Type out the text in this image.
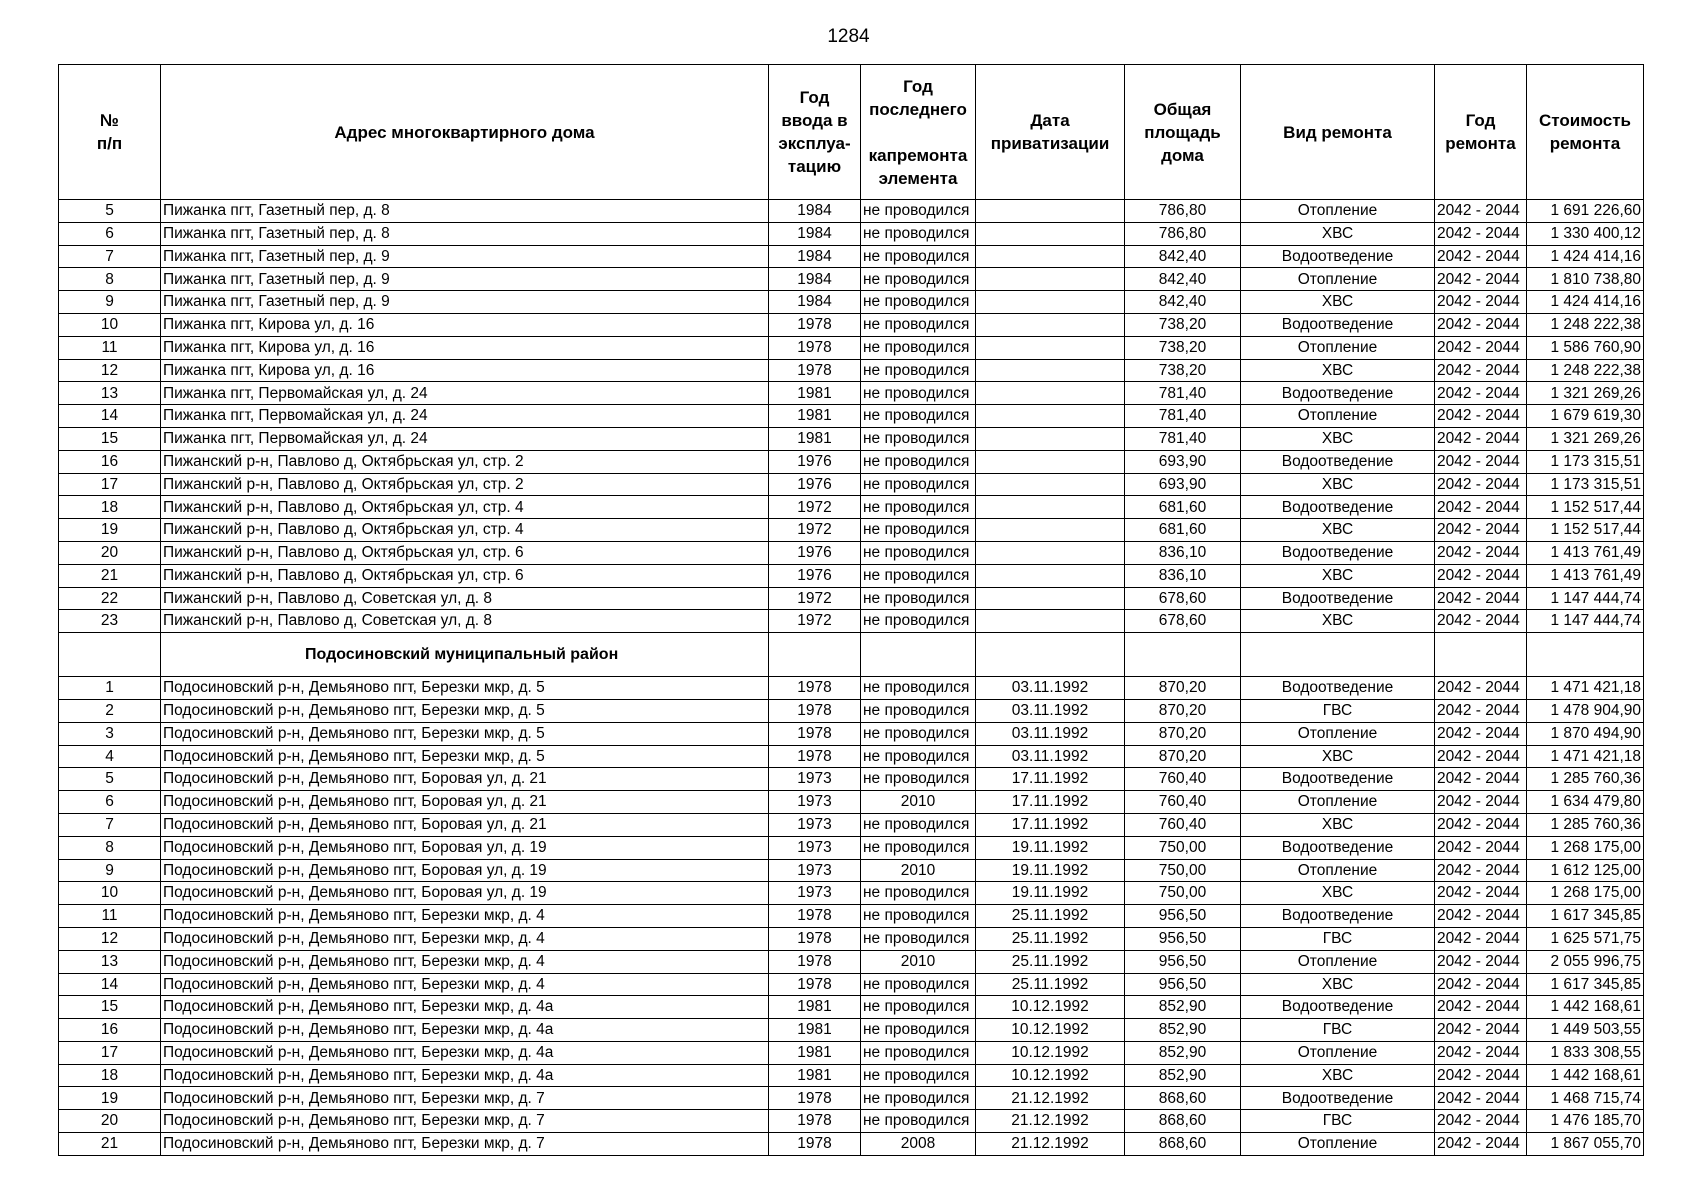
1284
№
п/п	Адрес многоквартирного дома	Год
ввода в
эксплуа-
тацию	Год
последнего

капремонта
элемента	Дата
приватизации	Общая
площадь
дома	Вид ремонта	Год
ремонта	Стоимость
ремонта
5	Пижанка пгт, Газетный пер, д. 8	1984	не проводился		786,80	Отопление	2042 - 2044	1 691 226,60
6	Пижанка пгт, Газетный пер, д. 8	1984	не проводился		786,80	ХВС	2042 - 2044	1 330 400,12
7	Пижанка пгт, Газетный пер, д. 9	1984	не проводился		842,40	Водоотведение	2042 - 2044	1 424 414,16
8	Пижанка пгт, Газетный пер, д. 9	1984	не проводился		842,40	Отопление	2042 - 2044	1 810 738,80
9	Пижанка пгт, Газетный пер, д. 9	1984	не проводился		842,40	ХВС	2042 - 2044	1 424 414,16
10	Пижанка пгт, Кирова ул, д. 16	1978	не проводился		738,20	Водоотведение	2042 - 2044	1 248 222,38
11	Пижанка пгт, Кирова ул, д. 16	1978	не проводился		738,20	Отопление	2042 - 2044	1 586 760,90
12	Пижанка пгт, Кирова ул, д. 16	1978	не проводился		738,20	ХВС	2042 - 2044	1 248 222,38
13	Пижанка пгт, Первомайская ул, д. 24	1981	не проводился		781,40	Водоотведение	2042 - 2044	1 321 269,26
14	Пижанка пгт, Первомайская ул, д. 24	1981	не проводился		781,40	Отопление	2042 - 2044	1 679 619,30
15	Пижанка пгт, Первомайская ул, д. 24	1981	не проводился		781,40	ХВС	2042 - 2044	1 321 269,26
16	Пижанский р-н, Павлово д, Октябрьская ул, стр. 2	1976	не проводился		693,90	Водоотведение	2042 - 2044	1 173 315,51
17	Пижанский р-н, Павлово д, Октябрьская ул, стр. 2	1976	не проводился		693,90	ХВС	2042 - 2044	1 173 315,51
18	Пижанский р-н, Павлово д, Октябрьская ул, стр. 4	1972	не проводился		681,60	Водоотведение	2042 - 2044	1 152 517,44
19	Пижанский р-н, Павлово д, Октябрьская ул, стр. 4	1972	не проводился		681,60	ХВС	2042 - 2044	1 152 517,44
20	Пижанский р-н, Павлово д, Октябрьская ул, стр. 6	1976	не проводился		836,10	Водоотведение	2042 - 2044	1 413 761,49
21	Пижанский р-н, Павлово д, Октябрьская ул, стр. 6	1976	не проводился		836,10	ХВС	2042 - 2044	1 413 761,49
22	Пижанский р-н, Павлово д, Советская ул, д. 8	1972	не проводился		678,60	Водоотведение	2042 - 2044	1 147 444,74
23	Пижанский р-н, Павлово д, Советская ул, д. 8	1972	не проводился		678,60	ХВС	2042 - 2044	1 147 444,74
	Подосиновский муниципальный район							
1	Подосиновский р-н, Демьяново пгт, Березки мкр, д. 5	1978	не проводился	03.11.1992	870,20	Водоотведение	2042 - 2044	1 471 421,18
2	Подосиновский р-н, Демьяново пгт, Березки мкр, д. 5	1978	не проводился	03.11.1992	870,20	ГВС	2042 - 2044	1 478 904,90
3	Подосиновский р-н, Демьяново пгт, Березки мкр, д. 5	1978	не проводился	03.11.1992	870,20	Отопление	2042 - 2044	1 870 494,90
4	Подосиновский р-н, Демьяново пгт, Березки мкр, д. 5	1978	не проводился	03.11.1992	870,20	ХВС	2042 - 2044	1 471 421,18
5	Подосиновский р-н, Демьяново пгт, Боровая ул, д. 21	1973	не проводился	17.11.1992	760,40	Водоотведение	2042 - 2044	1 285 760,36
6	Подосиновский р-н, Демьяново пгт, Боровая ул, д. 21	1973	2010	17.11.1992	760,40	Отопление	2042 - 2044	1 634 479,80
7	Подосиновский р-н, Демьяново пгт, Боровая ул, д. 21	1973	не проводился	17.11.1992	760,40	ХВС	2042 - 2044	1 285 760,36
8	Подосиновский р-н, Демьяново пгт, Боровая ул, д. 19	1973	не проводился	19.11.1992	750,00	Водоотведение	2042 - 2044	1 268 175,00
9	Подосиновский р-н, Демьяново пгт, Боровая ул, д. 19	1973	2010	19.11.1992	750,00	Отопление	2042 - 2044	1 612 125,00
10	Подосиновский р-н, Демьяново пгт, Боровая ул, д. 19	1973	не проводился	19.11.1992	750,00	ХВС	2042 - 2044	1 268 175,00
11	Подосиновский р-н, Демьяново пгт, Березки мкр, д. 4	1978	не проводился	25.11.1992	956,50	Водоотведение	2042 - 2044	1 617 345,85
12	Подосиновский р-н, Демьяново пгт, Березки мкр, д. 4	1978	не проводился	25.11.1992	956,50	ГВС	2042 - 2044	1 625 571,75
13	Подосиновский р-н, Демьяново пгт, Березки мкр, д. 4	1978	2010	25.11.1992	956,50	Отопление	2042 - 2044	2 055 996,75
14	Подосиновский р-н, Демьяново пгт, Березки мкр, д. 4	1978	не проводился	25.11.1992	956,50	ХВС	2042 - 2044	1 617 345,85
15	Подосиновский р-н, Демьяново пгт, Березки мкр, д. 4а	1981	не проводился	10.12.1992	852,90	Водоотведение	2042 - 2044	1 442 168,61
16	Подосиновский р-н, Демьяново пгт, Березки мкр, д. 4а	1981	не проводился	10.12.1992	852,90	ГВС	2042 - 2044	1 449 503,55
17	Подосиновский р-н, Демьяново пгт, Березки мкр, д. 4а	1981	не проводился	10.12.1992	852,90	Отопление	2042 - 2044	1 833 308,55
18	Подосиновский р-н, Демьяново пгт, Березки мкр, д. 4а	1981	не проводился	10.12.1992	852,90	ХВС	2042 - 2044	1 442 168,61
19	Подосиновский р-н, Демьяново пгт, Березки мкр, д. 7	1978	не проводился	21.12.1992	868,60	Водоотведение	2042 - 2044	1 468 715,74
20	Подосиновский р-н, Демьяново пгт, Березки мкр, д. 7	1978	не проводился	21.12.1992	868,60	ГВС	2042 - 2044	1 476 185,70
21	Подосиновский р-н, Демьяново пгт, Березки мкр, д. 7	1978	2008	21.12.1992	868,60	Отопление	2042 - 2044	1 867 055,70
